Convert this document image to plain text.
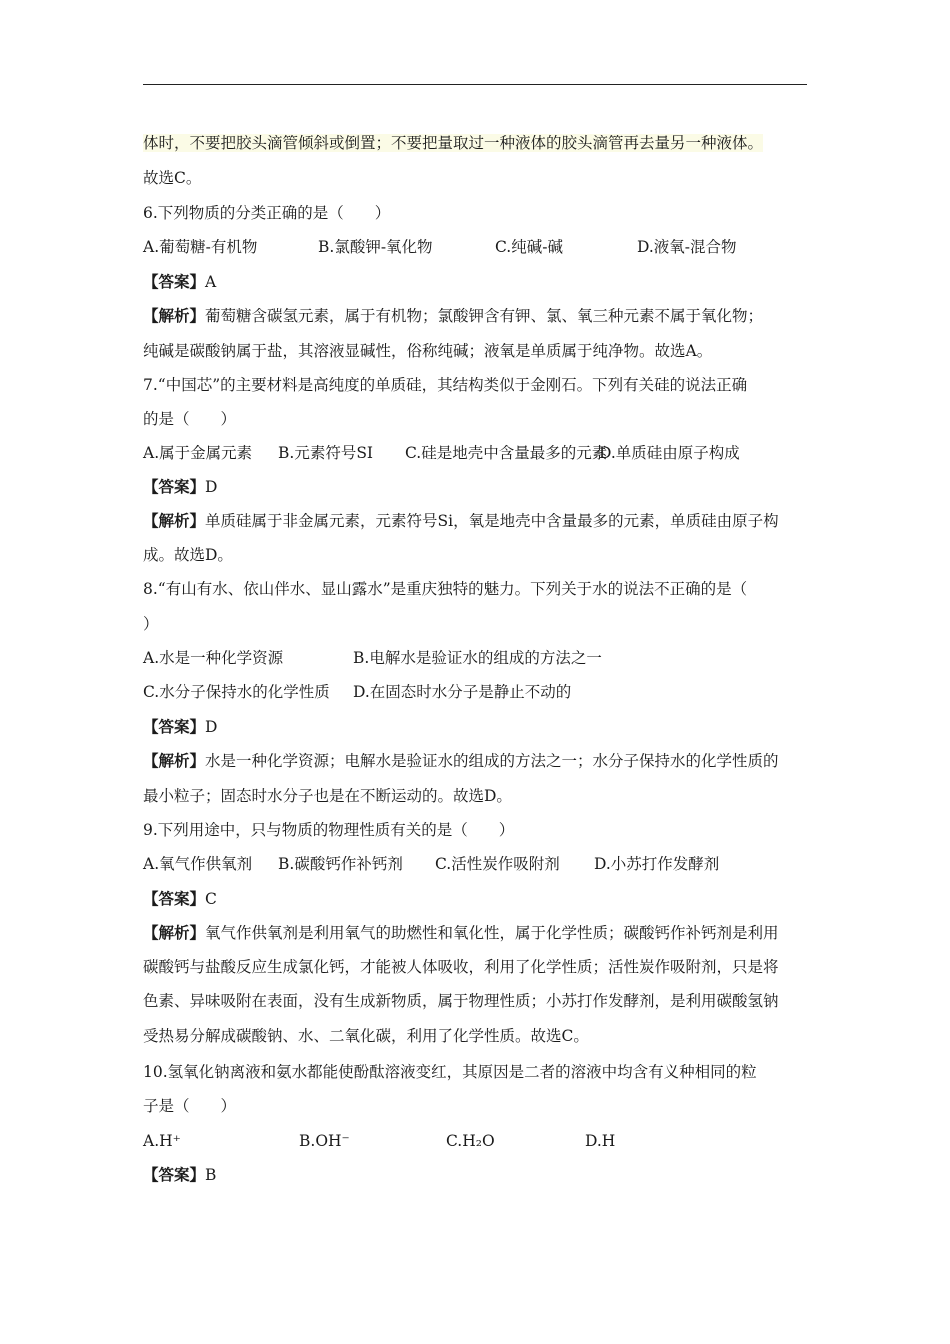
体时，不要把胶头滴管倾斜或倒置；不要把量取过一种液体的胶头滴管再去量另一种液体。
故选C。
6.下列物质的分类正确的是（　　）
A.葡萄糖-有机物	B.氯酸钾-氧化物	C.纯碱-碱	D.液氧-混合物
【答案】A
【解析】葡萄糖含碳氢元素，属于有机物；氯酸钾含有钾、氯、氧三种元素不属于氧化物；
纯碱是碳酸钠属于盐，其溶液显碱性，俗称纯碱；液氧是单质属于纯净物。故选A。
7.“中国芯”的主要材料是高纯度的单质硅，其结构类似于金刚石。下列有关硅的说法正确
的是（　　）
A.属于金属元素 B.元素符号SI C.硅是地壳中含量最多的元素
D.单质硅由原子构成
【答案】D
【解析】单质硅属于非金属元素，元素符号Si，氧是地壳中含量最多的元素，单质硅由原子构
成。故选D。
8.“有山有水、依山伴水、显山露水”是重庆独特的魅力。下列关于水的说法不正确的是（
）
A.水是一种化学资源	B.电解水是验证水的组成的方法之一
C.水分子保持水的化学性质 D.在固态时水分子是静止不动的
【答案】D
【解析】水是一种化学资源；电解水是验证水的组成的方法之一；水分子保持水的化学性质的
最小粒子；固态时水分子也是在不断运动的。故选D。
9.下列用途中，只与物质的物理性质有关的是（　　）
A.氧气作供氧剂 B.碳酸钙作补钙剂 C.活性炭作吸附剂 D.小苏打作发酵剂
【答案】C
【解析】氧气作供氧剂是利用氧气的助燃性和氧化性，属于化学性质；碳酸钙作补钙剂是利用
碳酸钙与盐酸反应生成氯化钙，才能被人体吸收，利用了化学性质；活性炭作吸附剂，只是将
色素、异味吸附在表面，没有生成新物质，属于物理性质；小苏打作发酵剂，是利用碳酸氢钠
受热易分解成碳酸钠、水、二氧化碳，利用了化学性质。故选C。
10.氢氧化钠离液和氨水都能使酚酞溶液变红，其原因是二者的溶液中均含有义种相同的粒
子是（　　）
A.H⁺	B.OH⁻	C.H₂O	D.H
【答案】B
